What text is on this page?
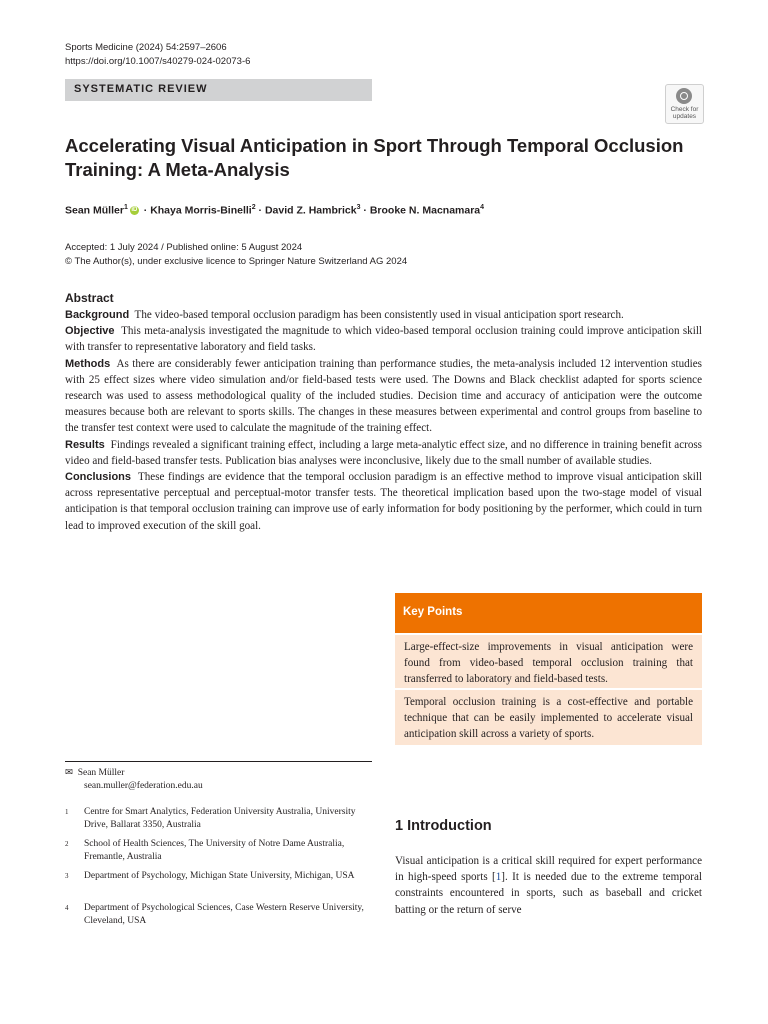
Sports Medicine (2024) 54:2597–2606
https://doi.org/10.1007/s40279-024-02073-6
SYSTEMATIC REVIEW
Check for updates
Accelerating Visual Anticipation in Sport Through Temporal Occlusion Training: A Meta-Analysis
Sean Müller$^1$ iD · Khaya Morris-Binelli$^2$ · David Z. Hambrick$^3$ · Brooke N. Macnamara$^4$
Accepted: 1 July 2024 / Published online: 5 August 2024
© The Author(s), under exclusive licence to Springer Nature Switzerland AG 2024
Abstract

Background The video-based temporal occlusion paradigm has been consistently used in visual anticipation sport research.

Objective This meta-analysis investigated the magnitude to which video-based temporal occlusion training could improve anticipation skill with transfer to representative laboratory and field tasks.

Methods As there are considerably fewer anticipation training than performance studies, the meta-analysis included 12 intervention studies with 25 effect sizes where video simulation and/or field-based tests were used. The Downs and Black checklist adapted for sports science research was used to assess methodological quality of the included studies. Decision time and accuracy of anticipation were the outcome measures because both are relevant to sports skills. The changes in these measures between experimental and control groups from baseline to the transfer test context were used to calculate the magnitude of the training effect.

Results Findings revealed a significant training effect, including a large meta-analytic effect size, and no difference in training benefit across video and field-based transfer tests. Publication bias analyses were inconclusive, likely due to the small number of available studies.

Conclusions These findings are evidence that the temporal occlusion paradigm is an effective method to improve visual anticipation skill across representative perceptual and perceptual-motor transfer tests. The theoretical implication based upon the two-stage model of visual anticipation is that temporal occlusion training can improve use of early information for body positioning by the performer, which could in turn lead to improved execution of the skill goal.

Key Points
Large-effect-size improvements in visual anticipation were found from video-based temporal occlusion training that transferred to laboratory and field-based tests.
Temporal occlusion training is a cost-effective and portable technique that can be easily implemented to accelerate visual anticipation skill across a variety of sports.
✉ Sean Müller
sean.muller@federation.edu.au
1 Centre for Smart Analytics, Federation University Australia, University Drive, Ballarat 3350, Australia
2 School of Health Sciences, The University of Notre Dame Australia, Fremantle, Australia
3 Department of Psychology, Michigan State University, Michigan, USA
4 Department of Psychological Sciences, Case Western Reserve University, Cleveland, USA
1 Introduction
Visual anticipation is a critical skill required for expert performance in high-speed sports [1]. It is needed due to the extreme temporal constraints encountered in sports, such as baseball and cricket batting or the return of serve
